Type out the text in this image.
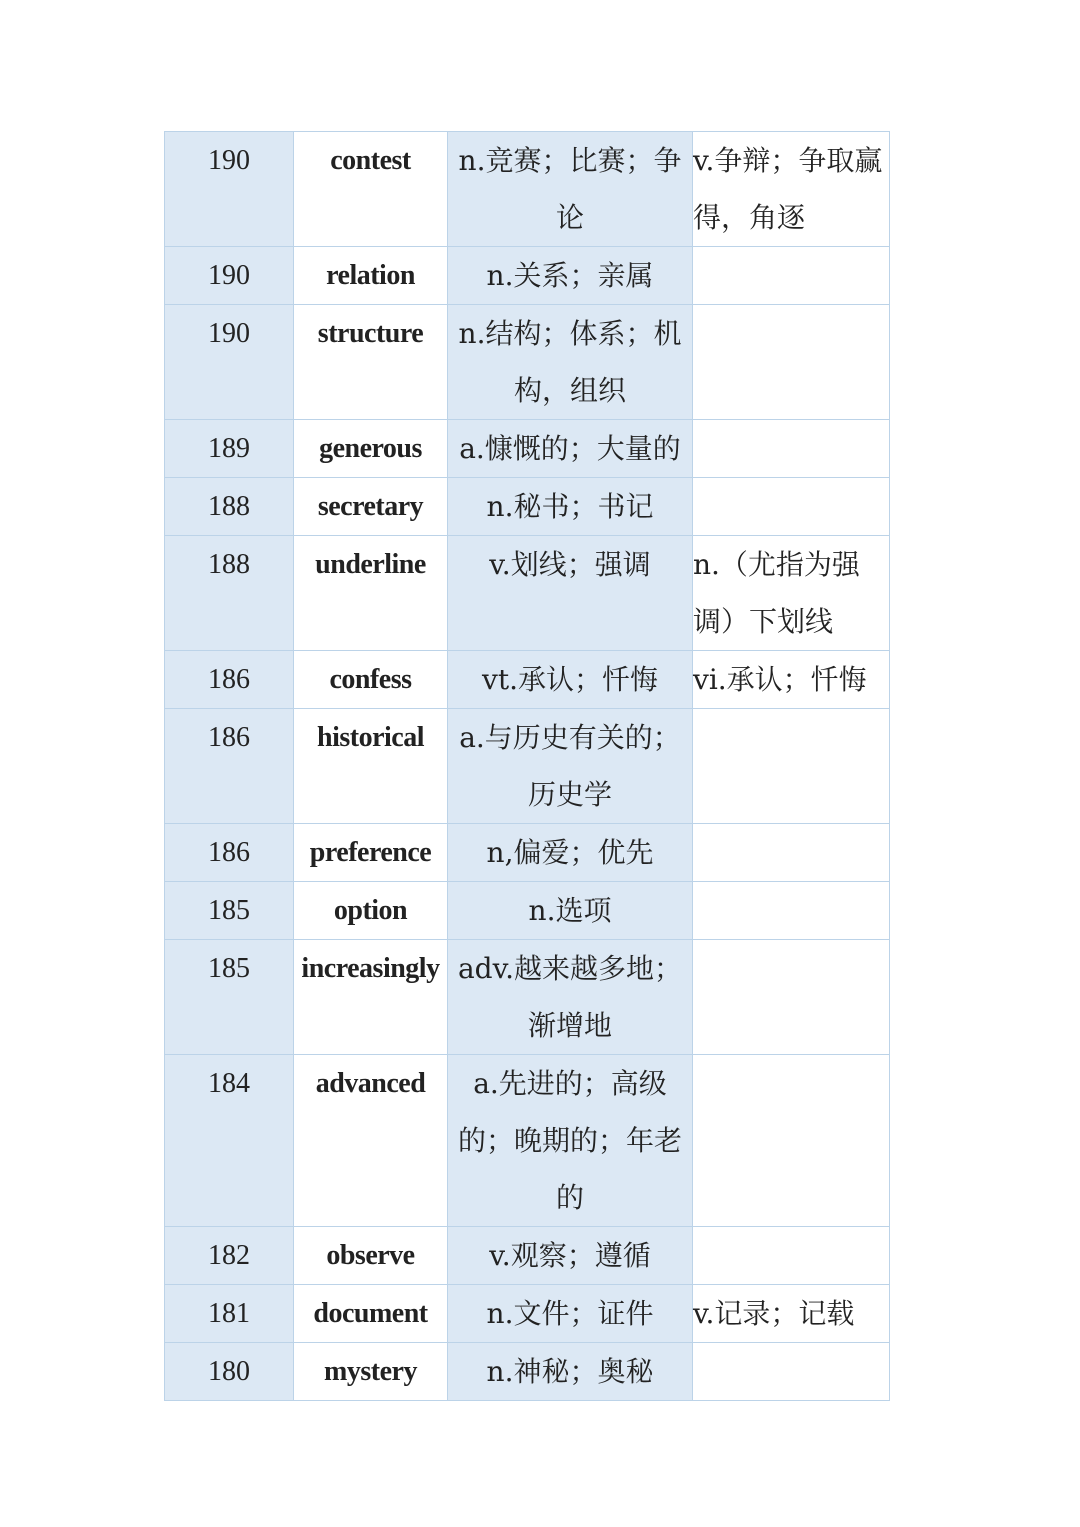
190	contest	n.竞赛；比赛；争论	v.争辩；争取赢得，角逐
190	relation	n.关系；亲属	
190	structure	n.结构；体系；机构，组织	
189	generous	a.慷慨的；大量的	
188	secretary	n.秘书；书记	
188	underline	v.划线；强调	n.（尤指为强调）下划线
186	confess	vt.承认；忏悔	vi.承认；忏悔
186	historical	a.与历史有关的；历史学	
186	preference	n,偏爱；优先	
185	option	n.选项	
185	increasingly	adv.越来越多地；渐增地	
184	advanced	a.先进的；高级的；晚期的；年老的	
182	observe	v.观察；遵循	
181	document	n.文件；证件	v.记录；记载
180	mystery	n.神秘；奥秘	
